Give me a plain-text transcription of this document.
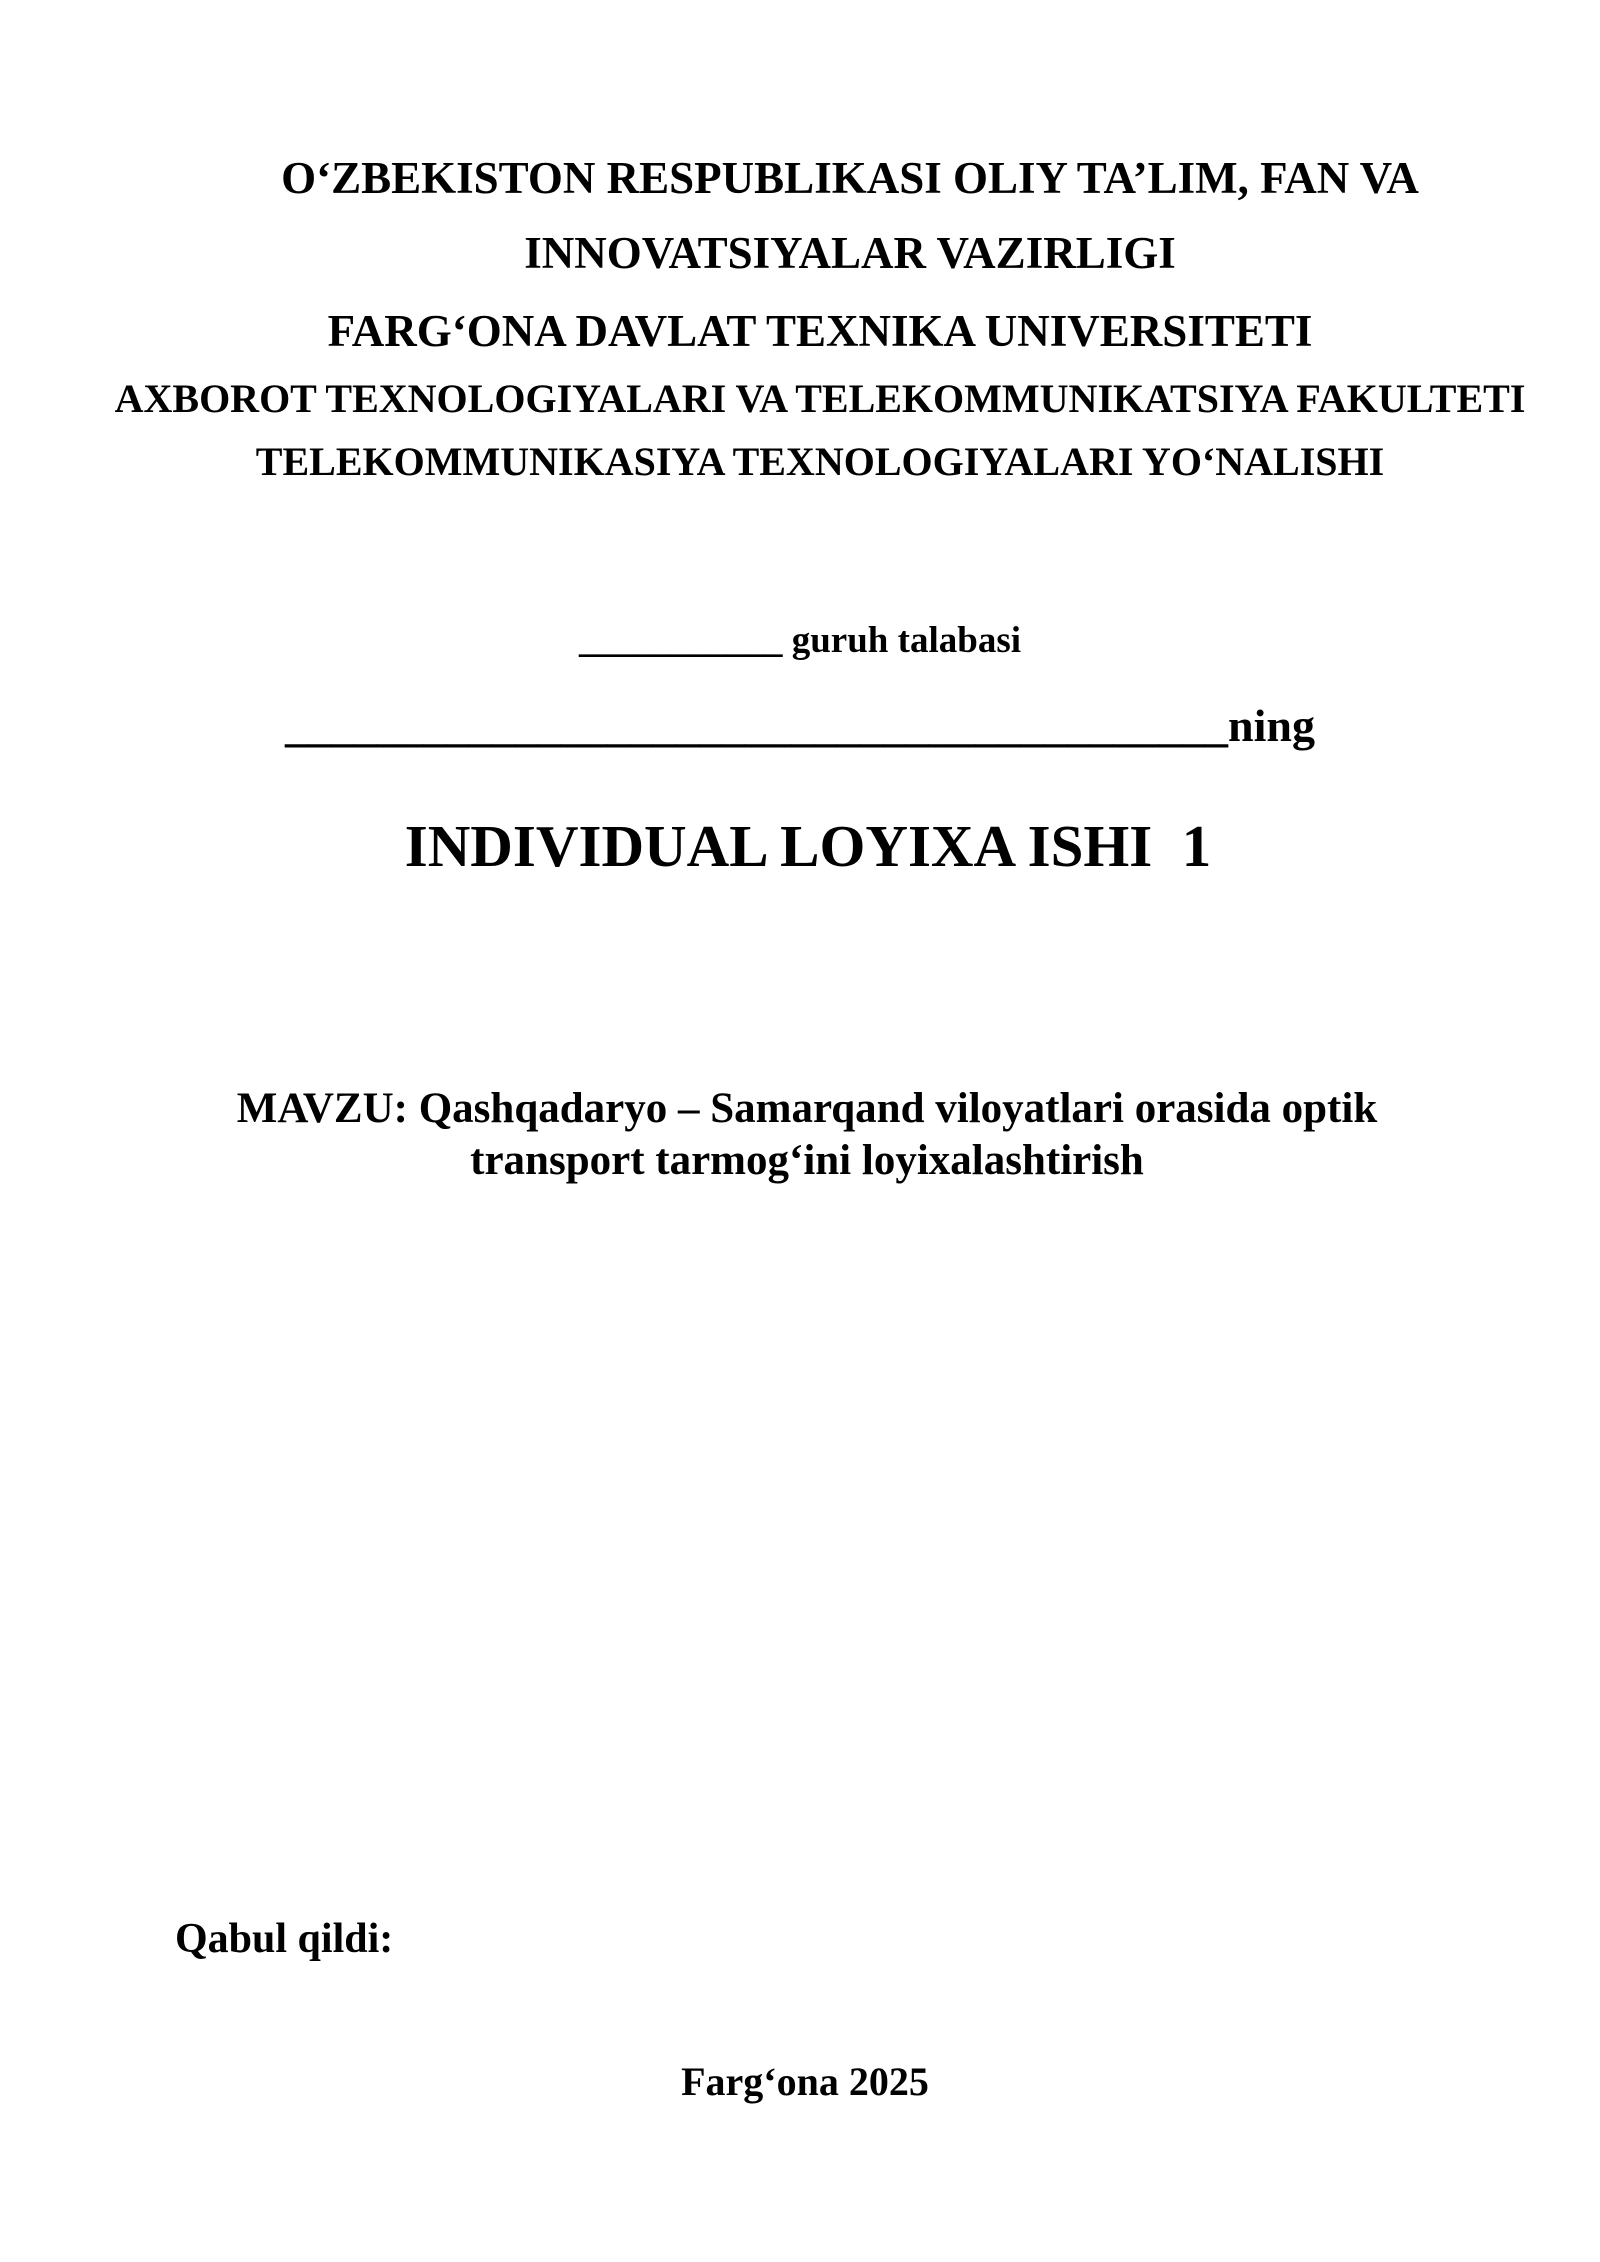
O‘ZBEKISTON RESPUBLIKASI OLIY TA’LIM, FAN VA
INNOVATSIYALAR VAZIRLIGI
FARG‘ONA DAVLAT TEXNIKA UNIVERSITETI
AXBOROT TEXNOLOGIYALARI VA TELEKOMMUNIKATSIYA FAKULTETI
TELEKOMMUNIKASIYA TEXNOLOGIYALARI YO‘NALISHI
___________ guruh talabasi
_________________________________________ning
INDIVIDUAL LOYIXA ISHI  1
MAVZU: Qashqadaryo – Samarqand viloyatlari orasida optik
transport tarmog‘ini loyixalashtirish
Qabul qildi:
Farg‘ona 2025
